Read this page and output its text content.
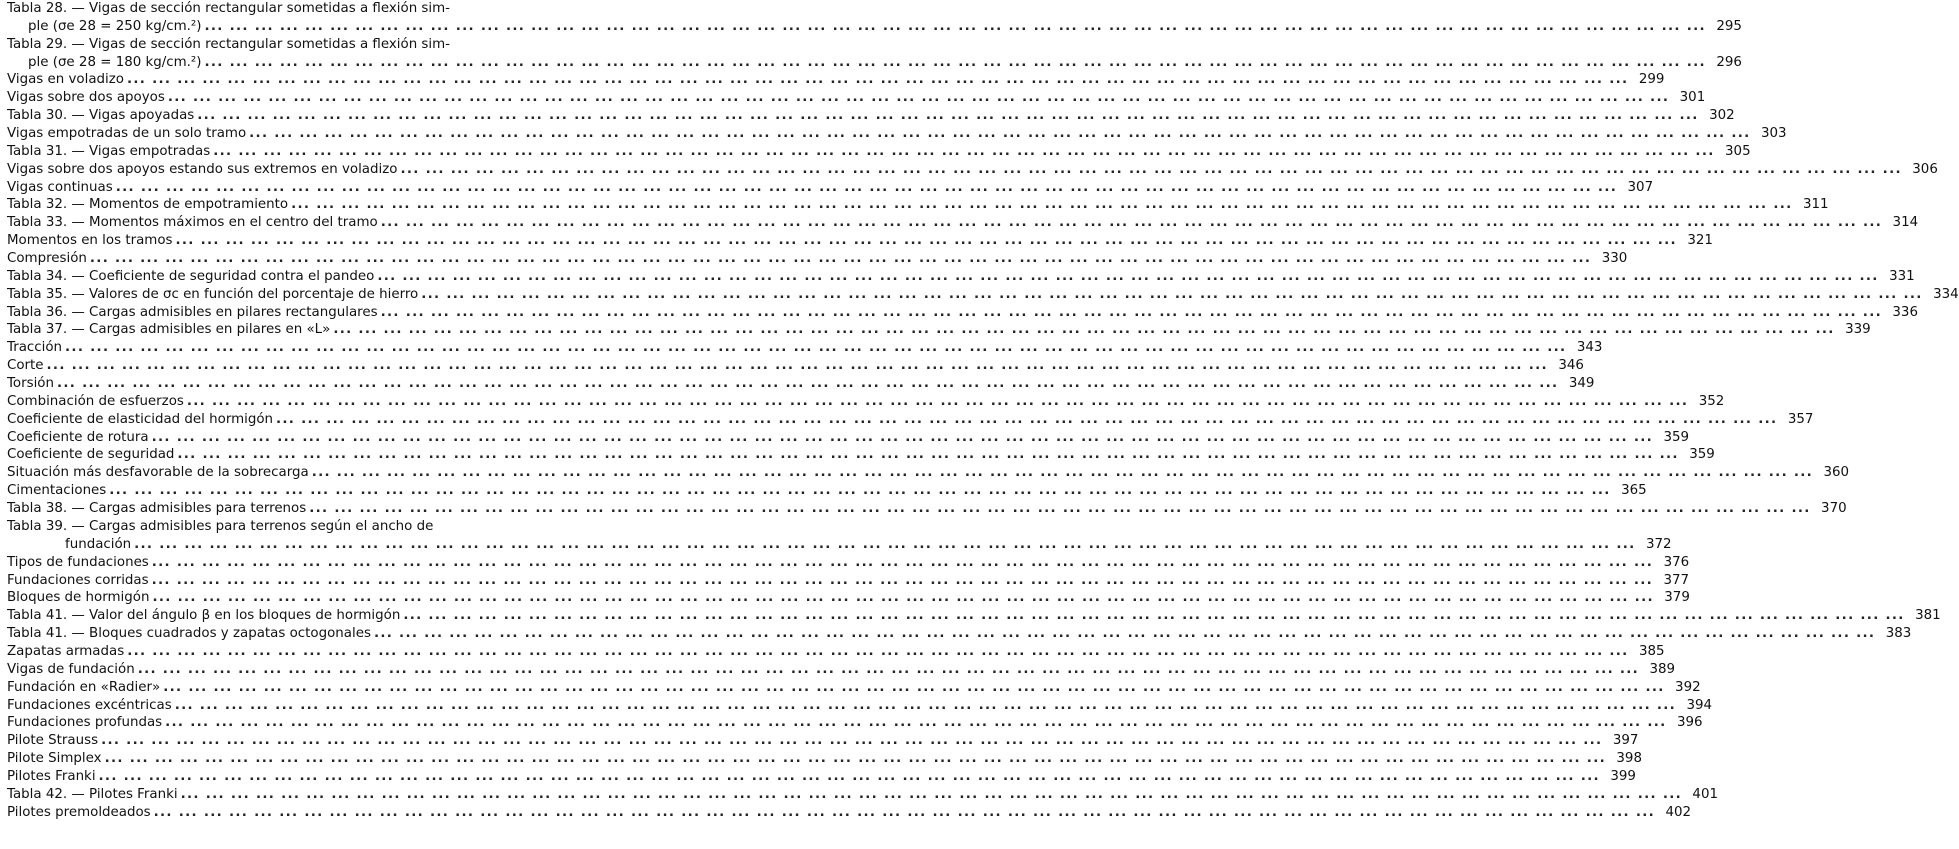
Tabla 28. — Vigas de sección rectangular sometidas a flexión sim-
ple (σe 28 = 250 kg/cm.²) ... ... ... ... ... ... ... ... ... ... ... ... ... ... ... ... ... ... ... ... ... ... ... ... ... ... ... ... ... ... ... ... ... ... ... ... ... ... ... ... ... ... ... ... ... ... ... ... ... ... ... ... ... ... ... ... ... ... ... ... 295
Tabla 29. — Vigas de sección rectangular sometidas a flexión sim-
ple (σe 28 = 180 kg/cm.²) ... ... ... ... ... ... ... ... ... ... ... ... ... ... ... ... ... ... ... ... ... ... ... ... ... ... ... ... ... ... ... ... ... ... ... ... ... ... ... ... ... ... ... ... ... ... ... ... ... ... ... ... ... ... ... ... ... ... ... ... 296
Vigas en voladizo ... ... ... ... ... ... ... ... ... ... ... ... ... ... ... ... ... ... ... ... ... ... ... ... ... ... ... ... ... ... ... ... ... ... ... ... ... ... ... ... ... ... ... ... ... ... ... ... ... ... ... ... ... ... ... ... ... ... ... ... 299
Vigas sobre dos apoyos ... ... ... ... ... ... ... ... ... ... ... ... ... ... ... ... ... ... ... ... ... ... ... ... ... ... ... ... ... ... ... ... ... ... ... ... ... ... ... ... ... ... ... ... ... ... ... ... ... ... ... ... ... ... ... ... ... ... ... ... 301
Tabla 30. — Vigas apoyadas ... ... ... ... ... ... ... ... ... ... ... ... ... ... ... ... ... ... ... ... ... ... ... ... ... ... ... ... ... ... ... ... ... ... ... ... ... ... ... ... ... ... ... ... ... ... ... ... ... ... ... ... ... ... ... ... ... ... ... ... 302
Vigas empotradas de un solo tramo ... ... ... ... ... ... ... ... ... ... ... ... ... ... ... ... ... ... ... ... ... ... ... ... ... ... ... ... ... ... ... ... ... ... ... ... ... ... ... ... ... ... ... ... ... ... ... ... ... ... ... ... ... ... ... ... ... ... ... ... 303
Tabla 31. — Vigas empotradas ... ... ... ... ... ... ... ... ... ... ... ... ... ... ... ... ... ... ... ... ... ... ... ... ... ... ... ... ... ... ... ... ... ... ... ... ... ... ... ... ... ... ... ... ... ... ... ... ... ... ... ... ... ... ... ... ... ... ... ... 305
Vigas sobre dos apoyos estando sus extremos en voladizo ... ... ... ... ... ... ... ... ... ... ... ... ... ... ... ... ... ... ... ... ... ... ... ... ... ... ... ... ... ... ... ... ... ... ... ... ... ... ... ... ... ... ... ... ... ... ... ... ... ... ... ... ... ... ... ... ... ... ... ... 306
Vigas continuas ... ... ... ... ... ... ... ... ... ... ... ... ... ... ... ... ... ... ... ... ... ... ... ... ... ... ... ... ... ... ... ... ... ... ... ... ... ... ... ... ... ... ... ... ... ... ... ... ... ... ... ... ... ... ... ... ... ... ... ... 307
Tabla 32. — Momentos de empotramiento ... ... ... ... ... ... ... ... ... ... ... ... ... ... ... ... ... ... ... ... ... ... ... ... ... ... ... ... ... ... ... ... ... ... ... ... ... ... ... ... ... ... ... ... ... ... ... ... ... ... ... ... ... ... ... ... ... ... ... ... 311
Tabla 33. — Momentos máximos en el centro del tramo ... ... ... ... ... ... ... ... ... ... ... ... ... ... ... ... ... ... ... ... ... ... ... ... ... ... ... ... ... ... ... ... ... ... ... ... ... ... ... ... ... ... ... ... ... ... ... ... ... ... ... ... ... ... ... ... ... ... ... ... 314
Momentos en los tramos ... ... ... ... ... ... ... ... ... ... ... ... ... ... ... ... ... ... ... ... ... ... ... ... ... ... ... ... ... ... ... ... ... ... ... ... ... ... ... ... ... ... ... ... ... ... ... ... ... ... ... ... ... ... ... ... ... ... ... ... 321
Compresión ... ... ... ... ... ... ... ... ... ... ... ... ... ... ... ... ... ... ... ... ... ... ... ... ... ... ... ... ... ... ... ... ... ... ... ... ... ... ... ... ... ... ... ... ... ... ... ... ... ... ... ... ... ... ... ... ... ... ... ... 330
Tabla 34. — Coeficiente de seguridad contra el pandeo ... ... ... ... ... ... ... ... ... ... ... ... ... ... ... ... ... ... ... ... ... ... ... ... ... ... ... ... ... ... ... ... ... ... ... ... ... ... ... ... ... ... ... ... ... ... ... ... ... ... ... ... ... ... ... ... ... ... ... ... 331
Tabla 35. — Valores de σc en función del porcentaje de hierro ... ... ... ... ... ... ... ... ... ... ... ... ... ... ... ... ... ... ... ... ... ... ... ... ... ... ... ... ... ... ... ... ... ... ... ... ... ... ... ... ... ... ... ... ... ... ... ... ... ... ... ... ... ... ... ... ... ... ... ... 334
Tabla 36. — Cargas admisibles en pilares rectangulares ... ... ... ... ... ... ... ... ... ... ... ... ... ... ... ... ... ... ... ... ... ... ... ... ... ... ... ... ... ... ... ... ... ... ... ... ... ... ... ... ... ... ... ... ... ... ... ... ... ... ... ... ... ... ... ... ... ... ... ... 336
Tabla 37. — Cargas admisibles en pilares en «L» ... ... ... ... ... ... ... ... ... ... ... ... ... ... ... ... ... ... ... ... ... ... ... ... ... ... ... ... ... ... ... ... ... ... ... ... ... ... ... ... ... ... ... ... ... ... ... ... ... ... ... ... ... ... ... ... ... ... ... ... 339
Tracción ... ... ... ... ... ... ... ... ... ... ... ... ... ... ... ... ... ... ... ... ... ... ... ... ... ... ... ... ... ... ... ... ... ... ... ... ... ... ... ... ... ... ... ... ... ... ... ... ... ... ... ... ... ... ... ... ... ... ... ... 343
Corte ... ... ... ... ... ... ... ... ... ... ... ... ... ... ... ... ... ... ... ... ... ... ... ... ... ... ... ... ... ... ... ... ... ... ... ... ... ... ... ... ... ... ... ... ... ... ... ... ... ... ... ... ... ... ... ... ... ... ... ... 346
Torsión ... ... ... ... ... ... ... ... ... ... ... ... ... ... ... ... ... ... ... ... ... ... ... ... ... ... ... ... ... ... ... ... ... ... ... ... ... ... ... ... ... ... ... ... ... ... ... ... ... ... ... ... ... ... ... ... ... ... ... ... 349
Combinación de esfuerzos ... ... ... ... ... ... ... ... ... ... ... ... ... ... ... ... ... ... ... ... ... ... ... ... ... ... ... ... ... ... ... ... ... ... ... ... ... ... ... ... ... ... ... ... ... ... ... ... ... ... ... ... ... ... ... ... ... ... ... ... 352
Coeficiente de elasticidad del hormigón ... ... ... ... ... ... ... ... ... ... ... ... ... ... ... ... ... ... ... ... ... ... ... ... ... ... ... ... ... ... ... ... ... ... ... ... ... ... ... ... ... ... ... ... ... ... ... ... ... ... ... ... ... ... ... ... ... ... ... ... 357
Coeficiente de rotura ... ... ... ... ... ... ... ... ... ... ... ... ... ... ... ... ... ... ... ... ... ... ... ... ... ... ... ... ... ... ... ... ... ... ... ... ... ... ... ... ... ... ... ... ... ... ... ... ... ... ... ... ... ... ... ... ... ... ... ... 359
Coeficiente de seguridad ... ... ... ... ... ... ... ... ... ... ... ... ... ... ... ... ... ... ... ... ... ... ... ... ... ... ... ... ... ... ... ... ... ... ... ... ... ... ... ... ... ... ... ... ... ... ... ... ... ... ... ... ... ... ... ... ... ... ... ... 359
Situación más desfavorable de la sobrecarga ... ... ... ... ... ... ... ... ... ... ... ... ... ... ... ... ... ... ... ... ... ... ... ... ... ... ... ... ... ... ... ... ... ... ... ... ... ... ... ... ... ... ... ... ... ... ... ... ... ... ... ... ... ... ... ... ... ... ... ... 360
Cimentaciones ... ... ... ... ... ... ... ... ... ... ... ... ... ... ... ... ... ... ... ... ... ... ... ... ... ... ... ... ... ... ... ... ... ... ... ... ... ... ... ... ... ... ... ... ... ... ... ... ... ... ... ... ... ... ... ... ... ... ... ... 365
Tabla 38. — Cargas admisibles para terrenos ... ... ... ... ... ... ... ... ... ... ... ... ... ... ... ... ... ... ... ... ... ... ... ... ... ... ... ... ... ... ... ... ... ... ... ... ... ... ... ... ... ... ... ... ... ... ... ... ... ... ... ... ... ... ... ... ... ... ... ... 370
Tabla 39. — Cargas admisibles para terrenos según el ancho de
fundación ... ... ... ... ... ... ... ... ... ... ... ... ... ... ... ... ... ... ... ... ... ... ... ... ... ... ... ... ... ... ... ... ... ... ... ... ... ... ... ... ... ... ... ... ... ... ... ... ... ... ... ... ... ... ... ... ... ... ... ... 372
Tipos de fundaciones ... ... ... ... ... ... ... ... ... ... ... ... ... ... ... ... ... ... ... ... ... ... ... ... ... ... ... ... ... ... ... ... ... ... ... ... ... ... ... ... ... ... ... ... ... ... ... ... ... ... ... ... ... ... ... ... ... ... ... ... 376
Fundaciones corridas ... ... ... ... ... ... ... ... ... ... ... ... ... ... ... ... ... ... ... ... ... ... ... ... ... ... ... ... ... ... ... ... ... ... ... ... ... ... ... ... ... ... ... ... ... ... ... ... ... ... ... ... ... ... ... ... ... ... ... ... 377
Bloques de hormigón ... ... ... ... ... ... ... ... ... ... ... ... ... ... ... ... ... ... ... ... ... ... ... ... ... ... ... ... ... ... ... ... ... ... ... ... ... ... ... ... ... ... ... ... ... ... ... ... ... ... ... ... ... ... ... ... ... ... ... ... 379
Tabla 41. — Valor del ángulo β en los bloques de hormigón ... ... ... ... ... ... ... ... ... ... ... ... ... ... ... ... ... ... ... ... ... ... ... ... ... ... ... ... ... ... ... ... ... ... ... ... ... ... ... ... ... ... ... ... ... ... ... ... ... ... ... ... ... ... ... ... ... ... ... ... 381
Tabla 41. — Bloques cuadrados y zapatas octogonales ... ... ... ... ... ... ... ... ... ... ... ... ... ... ... ... ... ... ... ... ... ... ... ... ... ... ... ... ... ... ... ... ... ... ... ... ... ... ... ... ... ... ... ... ... ... ... ... ... ... ... ... ... ... ... ... ... ... ... ... 383
Zapatas armadas ... ... ... ... ... ... ... ... ... ... ... ... ... ... ... ... ... ... ... ... ... ... ... ... ... ... ... ... ... ... ... ... ... ... ... ... ... ... ... ... ... ... ... ... ... ... ... ... ... ... ... ... ... ... ... ... ... ... ... ... 385
Vigas de fundación ... ... ... ... ... ... ... ... ... ... ... ... ... ... ... ... ... ... ... ... ... ... ... ... ... ... ... ... ... ... ... ... ... ... ... ... ... ... ... ... ... ... ... ... ... ... ... ... ... ... ... ... ... ... ... ... ... ... ... ... 389
Fundación en «Radier» ... ... ... ... ... ... ... ... ... ... ... ... ... ... ... ... ... ... ... ... ... ... ... ... ... ... ... ... ... ... ... ... ... ... ... ... ... ... ... ... ... ... ... ... ... ... ... ... ... ... ... ... ... ... ... ... ... ... ... ... 392
Fundaciones excéntricas ... ... ... ... ... ... ... ... ... ... ... ... ... ... ... ... ... ... ... ... ... ... ... ... ... ... ... ... ... ... ... ... ... ... ... ... ... ... ... ... ... ... ... ... ... ... ... ... ... ... ... ... ... ... ... ... ... ... ... ... 394
Fundaciones profundas ... ... ... ... ... ... ... ... ... ... ... ... ... ... ... ... ... ... ... ... ... ... ... ... ... ... ... ... ... ... ... ... ... ... ... ... ... ... ... ... ... ... ... ... ... ... ... ... ... ... ... ... ... ... ... ... ... ... ... ... 396
Pilote Strauss ... ... ... ... ... ... ... ... ... ... ... ... ... ... ... ... ... ... ... ... ... ... ... ... ... ... ... ... ... ... ... ... ... ... ... ... ... ... ... ... ... ... ... ... ... ... ... ... ... ... ... ... ... ... ... ... ... ... ... ... 397
Pilote Simplex ... ... ... ... ... ... ... ... ... ... ... ... ... ... ... ... ... ... ... ... ... ... ... ... ... ... ... ... ... ... ... ... ... ... ... ... ... ... ... ... ... ... ... ... ... ... ... ... ... ... ... ... ... ... ... ... ... ... ... ... 398
Pilotes Franki ... ... ... ... ... ... ... ... ... ... ... ... ... ... ... ... ... ... ... ... ... ... ... ... ... ... ... ... ... ... ... ... ... ... ... ... ... ... ... ... ... ... ... ... ... ... ... ... ... ... ... ... ... ... ... ... ... ... ... ... 399
Tabla 42. — Pilotes Franki ... ... ... ... ... ... ... ... ... ... ... ... ... ... ... ... ... ... ... ... ... ... ... ... ... ... ... ... ... ... ... ... ... ... ... ... ... ... ... ... ... ... ... ... ... ... ... ... ... ... ... ... ... ... ... ... ... ... ... ... 401
Pilotes premoldeados ... ... ... ... ... ... ... ... ... ... ... ... ... ... ... ... ... ... ... ... ... ... ... ... ... ... ... ... ... ... ... ... ... ... ... ... ... ... ... ... ... ... ... ... ... ... ... ... ... ... ... ... ... ... ... ... ... ... ... ... 402
